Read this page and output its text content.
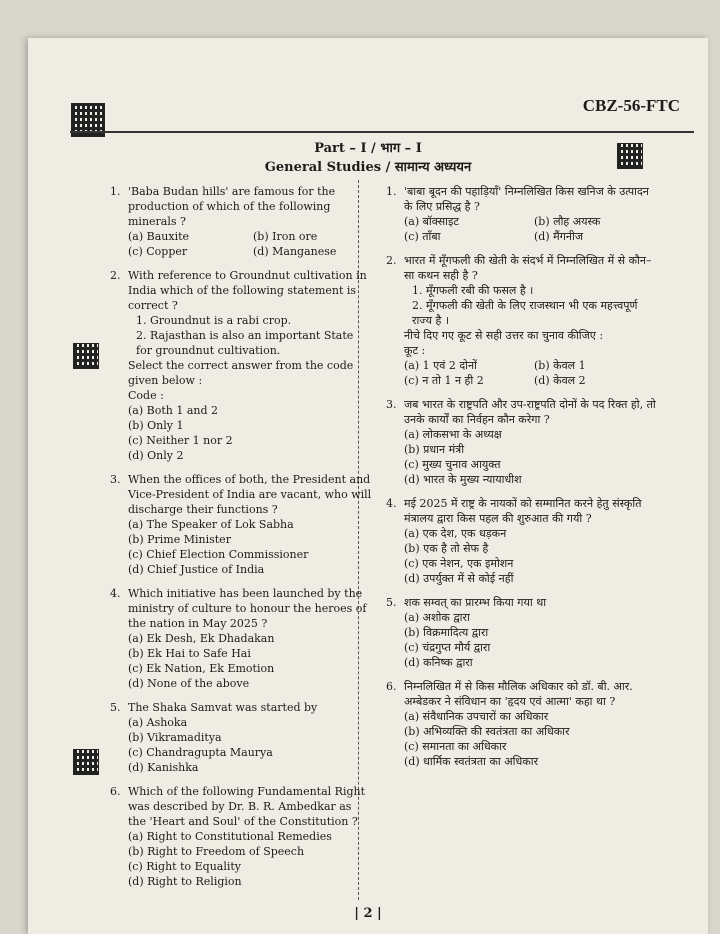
CBZ-56-FTC
Part – I / भाग – I
General Studies / सामान्य अध्ययन
1. 'Baba Budan hills' are famous for the production of which of the following minerals ?
(a) Bauxite	(b) Iron ore
(c) Copper	(d) Manganese
2. With reference to Groundnut cultivation in India which of the following statement is correct ?
1. Groundnut is a rabi crop.
2. Rajasthan is also an important State for groundnut cultivation.
Select the correct answer from the code given below :
Code :
(a) Both 1 and 2
(b) Only 1
(c) Neither 1 nor 2
(d) Only 2
3. When the offices of both, the President and Vice-President of India are vacant, who will discharge their functions ?
(a) The Speaker of Lok Sabha
(b) Prime Minister
(c) Chief Election Commissioner
(d) Chief Justice of India
4. Which initiative has been launched by the ministry of culture to honour the heroes of the nation in May 2025 ?
(a) Ek Desh, Ek Dhadakan
(b) Ek Hai to Safe Hai
(c) Ek Nation, Ek Emotion
(d) None of the above
5. The Shaka Samvat was started by
(a) Ashoka
(b) Vikramaditya
(c) Chandragupta Maurya
(d) Kanishka
6. Which of the following Fundamental Right was described by Dr. B. R. Ambedkar as the 'Heart and Soul' of the Constitution ?
(a) Right to Constitutional Remedies
(b) Right to Freedom of Speech
(c) Right to Equality
(d) Right to Religion
1. 'बाबा बूदन की पहाड़ियाँ' निम्नलिखित किस खनिज के उत्पादन के लिए प्रसिद्ध है ?
(a) बॉक्साइट	(b) लौह अयस्क
(c) ताँबा	(d) मैंगनीज
2. भारत में मूँगफली की खेती के संदर्भ में निम्नलिखित में से कौन–सा कथन सही है ?
1. मूँगफली रबी की फसल है ।
2. मूँगफली की खेती के लिए राजस्थान भी एक महत्त्वपूर्ण राज्य है ।
नीचे दिए गए कूट से सही उत्तर का चुनाव कीजिए :
कूट :
(a) 1 एवं 2 दोनों	(b) केवल 1
(c) न तो 1 न ही 2	(d) केवल 2
3. जब भारत के राष्ट्रपति और उप-राष्ट्रपति दोनों के पद रिक्त हो, तो उनके कार्यों का निर्वहन कौन करेगा ?
(a) लोकसभा के अध्यक्ष
(b) प्रधान मंत्री
(c) मुख्य चुनाव आयुक्त
(d) भारत के मुख्य न्यायाधीश
4. मई 2025 में राष्ट्र के नायकों को सम्मानित करने हेतु संस्कृति मंत्रालय द्वारा किस पहल की शुरुआत की गयी ?
(a) एक देश, एक धड़कन
(b) एक है तो सेफ है
(c) एक नेशन, एक इमोशन
(d) उपर्युक्त में से कोई नहीं
5. शक सम्वत् का प्रारम्भ किया गया था
(a) अशोक द्वारा
(b) विक्रमादित्य द्वारा
(c) चंद्रगुप्त मौर्य द्वारा
(d) कनिष्क द्वारा
6. निम्नलिखित में से किस मौलिक अधिकार को डॉ. बी. आर. अम्बेडकर ने संविधान का 'हृदय एवं आत्मा' कहा था ?
(a) संवैधानिक उपचारों का अधिकार
(b) अभिव्यक्ति की स्वतंत्रता का अधिकार
(c) समानता का अधिकार
(d) धार्मिक स्वतंत्रता का अधिकार
| 2 |
